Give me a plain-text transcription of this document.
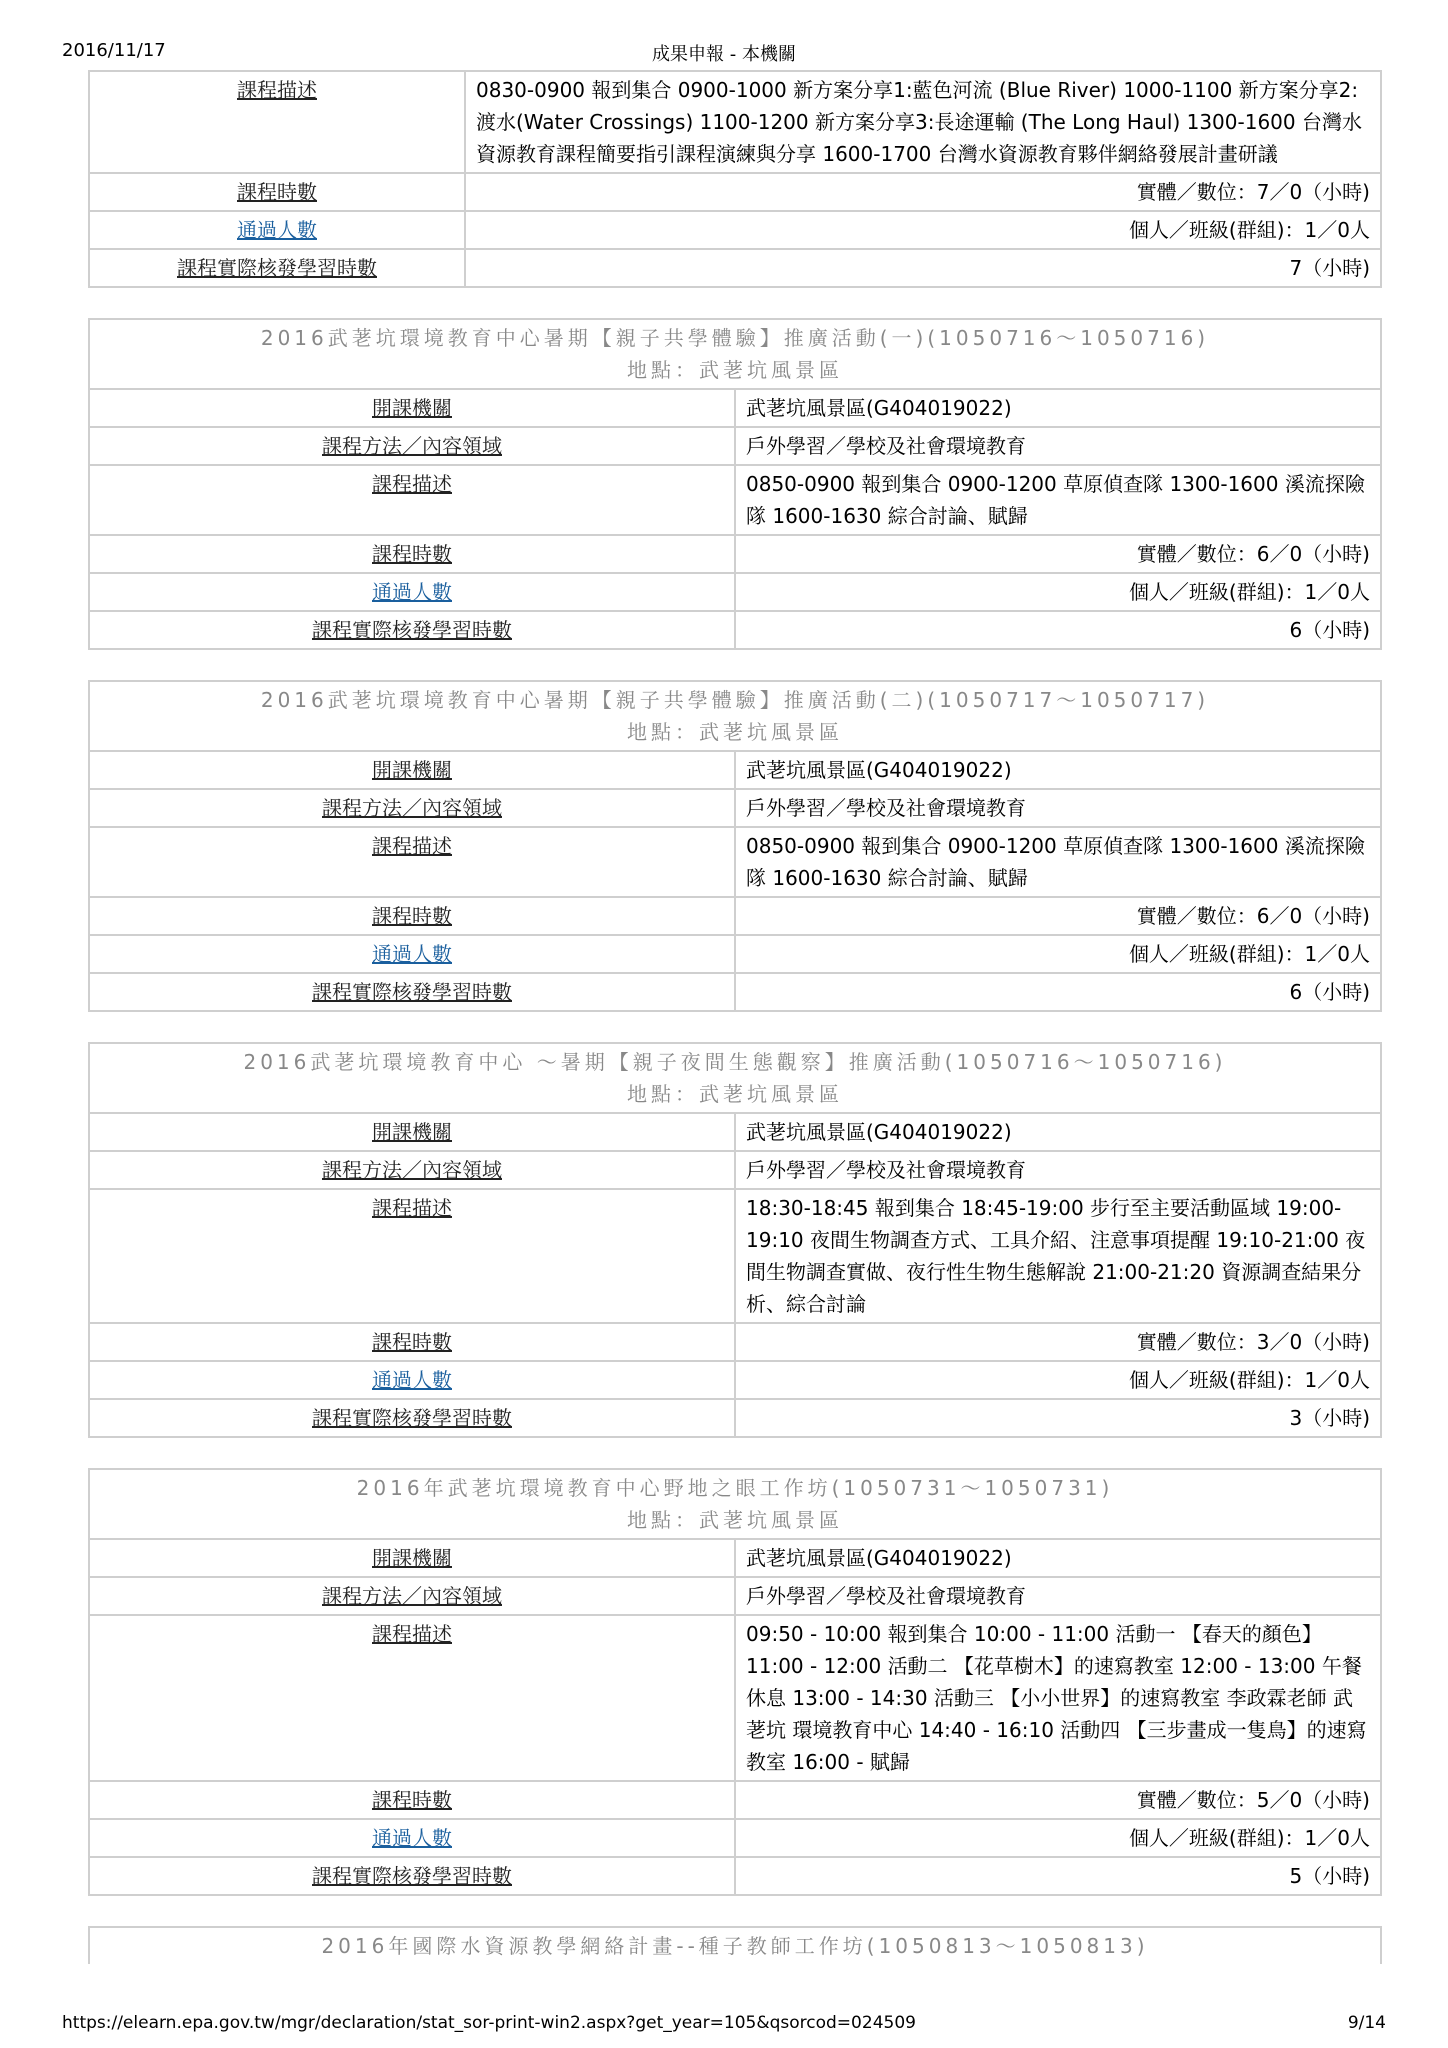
2016/11/17	成果申報 - 本機關
課程描述	0830-0900 報到集合 0900-1000 新方案分享1:藍色河流 (Blue River) 1000-1100 新方案分享2:渡水(Water Crossings) 1100-1200 新方案分享3:長途運輸 (The Long Haul) 1300-1600 台灣水資源教育課程簡要指引課程演練與分享 1600-1700 台灣水資源教育夥伴網絡發展計畫研議
課程時數	實體／數位：7／0（小時)
通過人數	個人／班級(群組)：1／0人
課程實際核發學習時數	7（小時)
2016武荖坑環境教育中心暑期【親子共學體驗】推廣活動(一)(1050716～1050716)
地點：武荖坑風景區	

開課機關	武荖坑風景區(G404019022)
課程方法／內容領域	戶外學習／學校及社會環境教育
課程描述	0850-0900 報到集合 0900-1200 草原偵查隊 1300-1600 溪流探險隊 1600-1630 綜合討論、賦歸
課程時數	實體／數位：6／0（小時)
通過人數	個人／班級(群組)：1／0人
課程實際核發學習時數	6（小時)
2016武荖坑環境教育中心暑期【親子共學體驗】推廣活動(二)(1050717～1050717)
地點：武荖坑風景區	

開課機關	武荖坑風景區(G404019022)
課程方法／內容領域	戶外學習／學校及社會環境教育
課程描述	0850-0900 報到集合 0900-1200 草原偵查隊 1300-1600 溪流探險隊 1600-1630 綜合討論、賦歸
課程時數	實體／數位：6／0（小時)
通過人數	個人／班級(群組)：1／0人
課程實際核發學習時數	6（小時)
2016武荖坑環境教育中心 ～暑期【親子夜間生態觀察】推廣活動(1050716～1050716)
地點：武荖坑風景區	

開課機關	武荖坑風景區(G404019022)
課程方法／內容領域	戶外學習／學校及社會環境教育
課程描述	18:30-18:45 報到集合 18:45-19:00 步行至主要活動區域 19:00-19:10 夜間生物調查方式、工具介紹、注意事項提醒 19:10-21:00 夜間生物調查實做、夜行性生物生態解說 21:00-21:20 資源調查結果分析、綜合討論
課程時數	實體／數位：3／0（小時)
通過人數	個人／班級(群組)：1／0人
課程實際核發學習時數	3（小時)
2016年武荖坑環境教育中心野地之眼工作坊(1050731～1050731)
地點：武荖坑風景區	

開課機關	武荖坑風景區(G404019022)
課程方法／內容領域	戶外學習／學校及社會環境教育
課程描述	09:50 - 10:00 報到集合 10:00 - 11:00 活動一 【春天的顏色】 11:00 - 12:00 活動二 【花草樹木】的速寫教室 12:00 - 13:00 午餐休息 13:00 - 14:30 活動三 【小小世界】的速寫教室 李政霖老師 武荖坑 環境教育中心 14:40 - 16:10 活動四 【三步畫成一隻鳥】的速寫教室 16:00 - 賦歸
課程時數	實體／數位：5／0（小時)
通過人數	個人／班級(群組)：1／0人
課程實際核發學習時數	5（小時)
2016年國際水資源教學網絡計畫--種子教師工作坊(1050813～1050813)
https://elearn.epa.gov.tw/mgr/declaration/stat_sor-print-win2.aspx?get_year=105&qsorcod=024509	9/14
